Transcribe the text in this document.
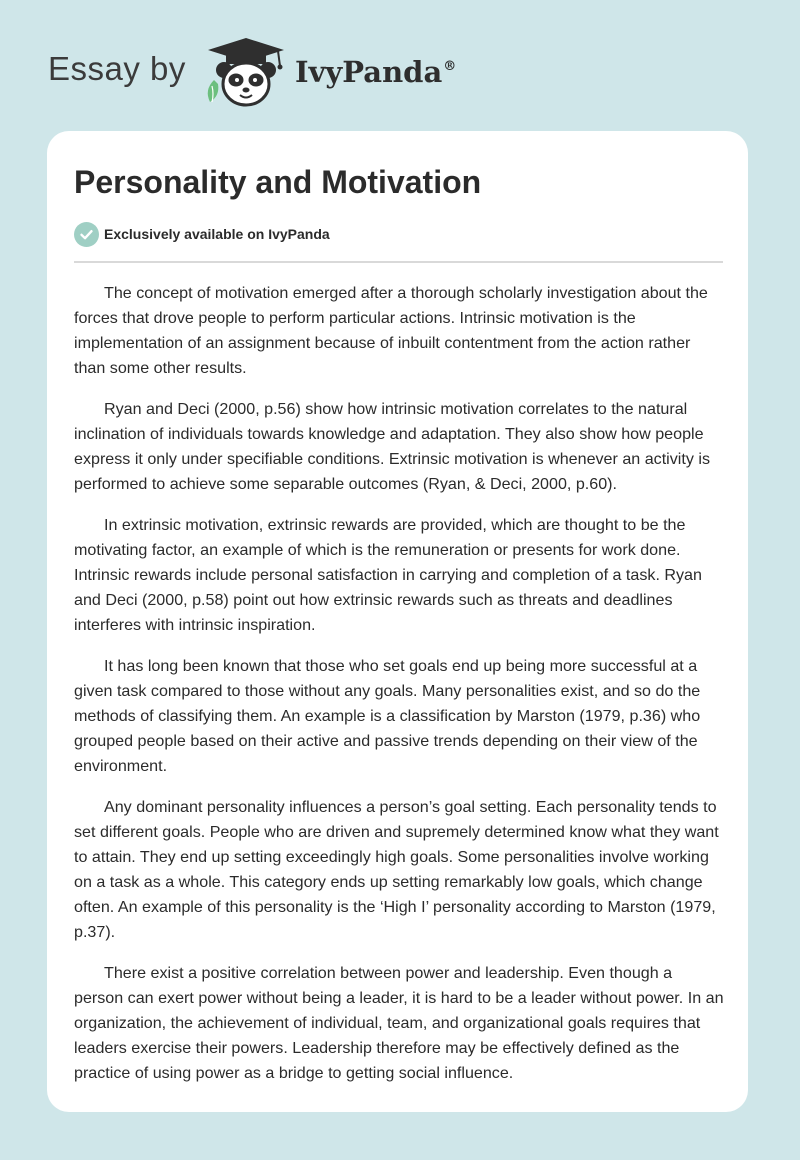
Essay by	IvyPanda®
Personality and Motivation
Exclusively available on IvyPanda

The concept of motivation emerged after a thorough scholarly investigation about the forces that drove people to perform particular actions. Intrinsic motivation is the implementation of an assignment because of inbuilt contentment from the action rather than some other results.

Ryan and Deci (2000, p.56) show how intrinsic motivation correlates to the natural inclination of individuals towards knowledge and adaptation. They also show how people express it only under specifiable conditions. Extrinsic motivation is whenever an activity is performed to achieve some separable outcomes (Ryan, & Deci, 2000, p.60).

In extrinsic motivation, extrinsic rewards are provided, which are thought to be the motivating factor, an example of which is the remuneration or presents for work done. Intrinsic rewards include personal satisfaction in carrying and completion of a task. Ryan and Deci (2000, p.58) point out how extrinsic rewards such as threats and deadlines interferes with intrinsic inspiration.

It has long been known that those who set goals end up being more successful at a given task compared to those without any goals. Many personalities exist, and so do the methods of classifying them. An example is a classification by Marston (1979, p.36) who grouped people based on their active and passive trends depending on their view of the environment.

Any dominant personality influences a person’s goal setting. Each personality tends to set different goals. People who are driven and supremely determined know what they want to attain. They end up setting exceedingly high goals. Some personalities involve working on a task as a whole. This category ends up setting remarkably low goals, which change often. An example of this personality is the ‘High I’ personality according to Marston (1979, p.37).

There exist a positive correlation between power and leadership. Even though a person can exert power without being a leader, it is hard to be a leader without power. In an organization, the achievement of individual, team, and organizational goals requires that leaders exercise their powers. Leadership therefore may be effectively defined as the practice of using power as a bridge to getting social influence.
